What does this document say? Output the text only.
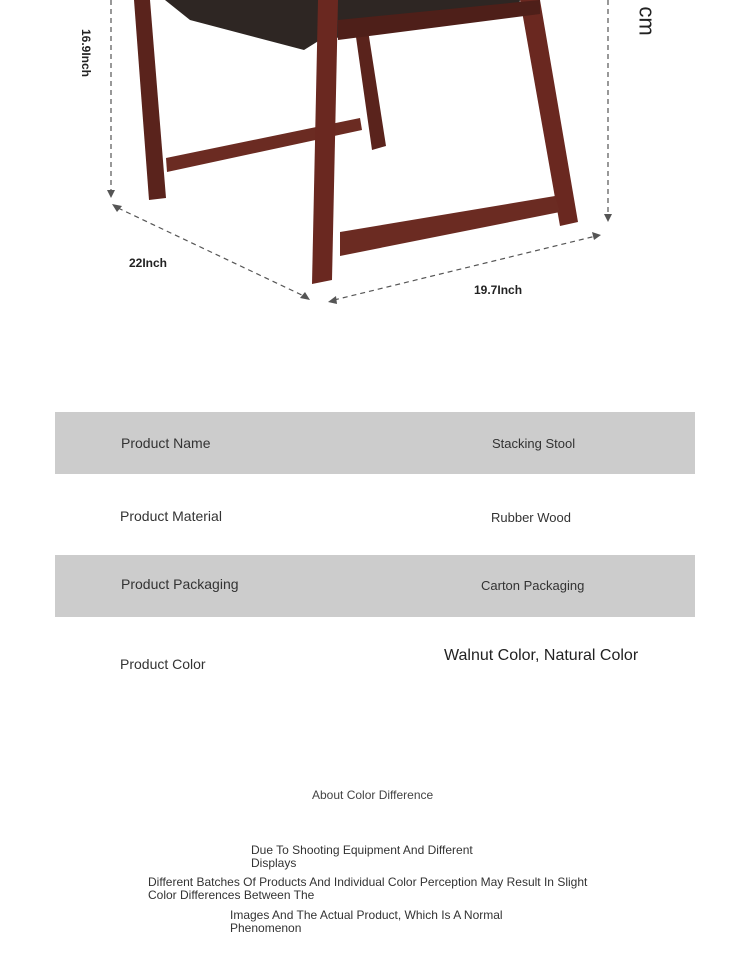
16.9Inch
22Inch
19.7Inch
cm
Product Name	Stacking Stool
Product Material	Rubber Wood
Product Packaging	Carton Packaging
Product Color	Walnut Color, Natural Color
About Color Difference
Due To Shooting Equipment And Different Displays
Different Batches Of Products And Individual Color Perception May Result In Slight Color Differences Between The
Images And The Actual Product, Which Is A Normal Phenomenon
